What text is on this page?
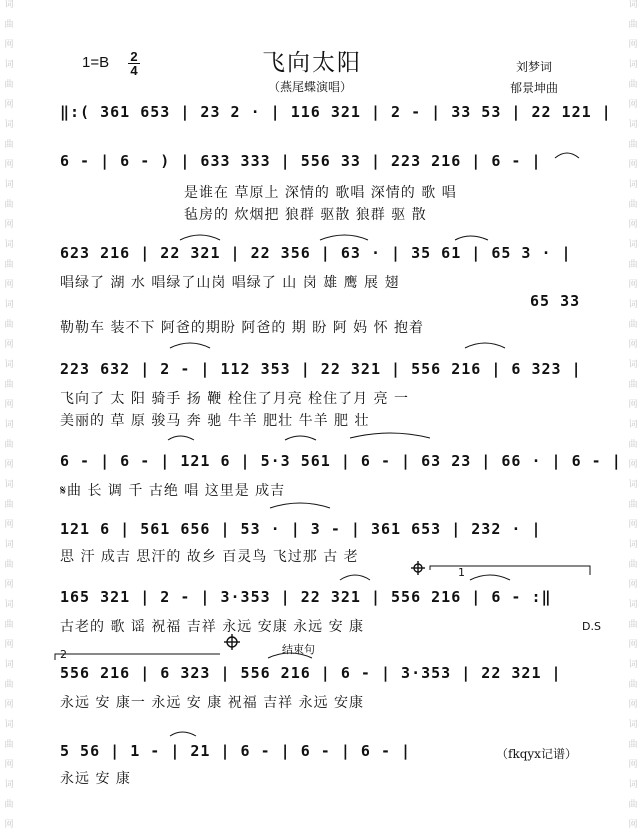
词
曲
网
词
曲
网
词
曲
网
词
曲
网
词
曲
网
词
曲
网
词
曲
网
词
曲
网
词
曲
网
词
曲
网
词
曲
网
词
曲
网
词
曲
网
词
曲
网
词
曲
网
词
曲
网
词
曲
网
词
曲
网
词
曲
网
词
曲
网
词
曲
网
词
曲
网
词
曲
网
词
曲
网
词
曲
网
词
曲
网
词
曲
网
词
曲
网
1=B 2
4	飞向太阳
（燕尾蝶演唱）
刘梦词
郁景坤曲
‖:( 361 653 | 23 2 · | 116 321 | 2 - | 33 53 | 22 121 |
6 - | 6 - ) | 633 333 | 556 33 | 223 216 | 6 - |
是谁在 草原上 深情的 歌唱 深情的 歌 唱
毡房的 炊烟把 狼群 驱散 狼群 驱 散
623 216 | 22 321 | 22 356 | 63 · | 35 61 | 65 3 · |
唱绿了 湖 水 唱绿了山岗 唱绿了 山 岗 雄 鹰 展 翅
65 33
勒勒车 装不下 阿爸的期盼 阿爸的 期 盼 阿 妈 怀 抱着
223 632 | 2 - | 112 353 | 22 321 | 556 216 | 6 323 |
飞向了 太 阳 骑手 扬 鞭 栓住了月亮 栓住了月 亮 一
美丽的 草 原 骏马 奔 驰 牛羊 肥壮 牛羊 肥 壮
6 - | 6 - | 121 6 | 5·3 561 | 6 - | 63 23 | 66 · | 6 - |
𝄋曲 长 调 千 古绝 唱 这里是 成吉
121 6 | 561 656 | 53 · | 3 - | 361 653 | 232 · |
思 汗 成吉 思汗的 故乡 百灵鸟 飞过那 古 老
165 321 | 2 - | 3·353 | 22 321 | 556 216 | 6 - :‖
古老的 歌 谣 祝福 吉祥 永远 安康 永远 安 康	D.S
2
1
结束句
556 216 | 6 323 | 556 216 | 6 - | 3·353 | 22 321 |
永远 安 康一 永远 安 康 祝福 吉祥 永远 安康
5 56 | 1 - | 21 | 6 - | 6 - | 6 - |
永远 安 康
（fkqyx记谱）
